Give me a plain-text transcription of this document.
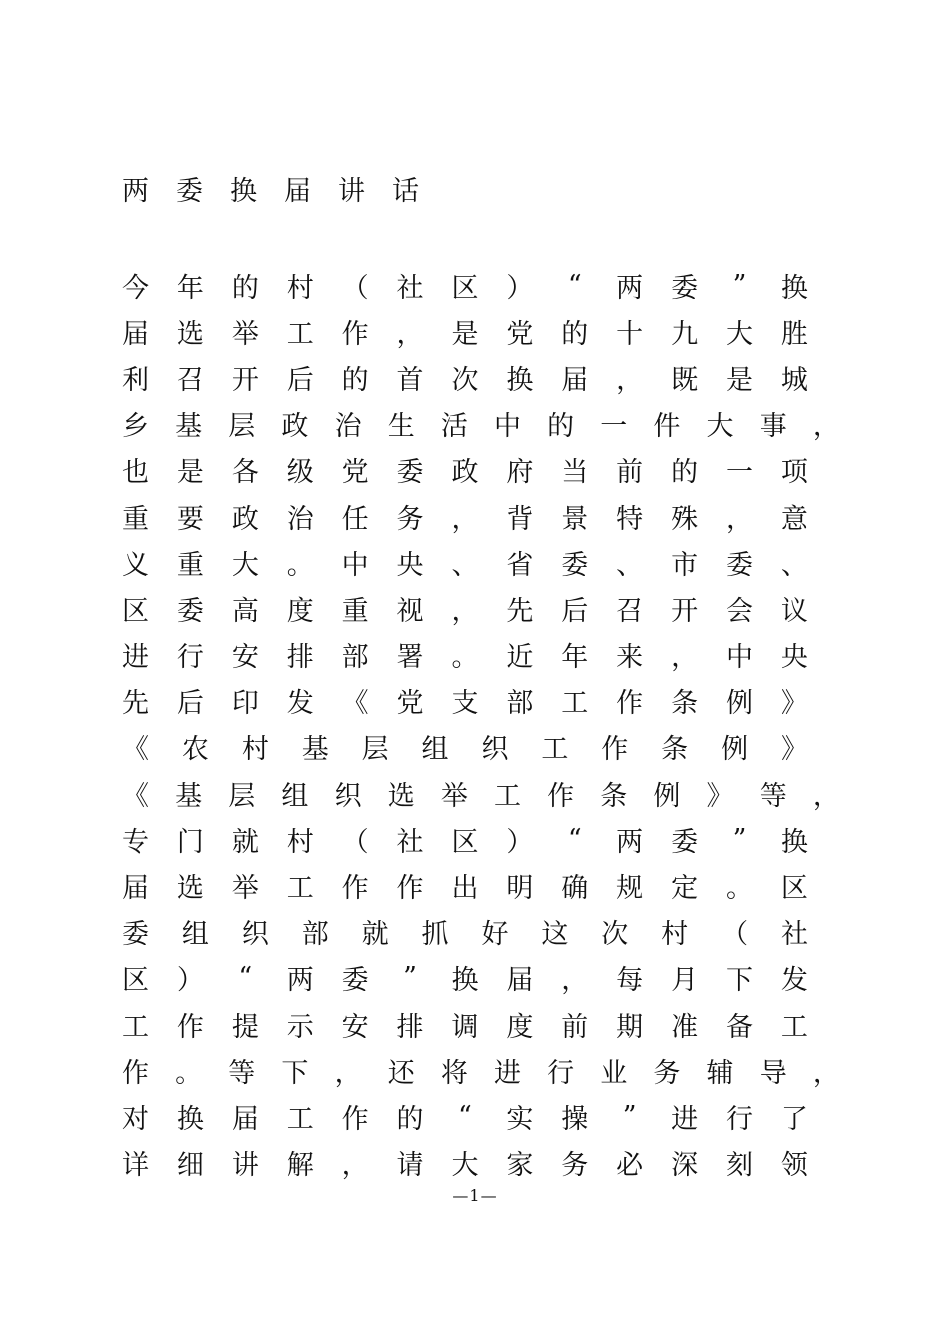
两委换届讲话
今 年 的 村 （ 社 区 ） “ 两 委 ” 换
届 选 举 工 作 ， 是 党 的 十 九 大 胜
利 召 开 后 的 首 次 换 届 ， 既 是 城
乡 基 层 政 治 生 活 中 的 一 件 大 事 ，
也 是 各 级 党 委 政 府 当 前 的 一 项
重 要 政 治 任 务 ， 背 景 特 殊 ， 意
义 重 大 。 中 央 、 省 委 、 市 委 、
区 委 高 度 重 视 ， 先 后 召 开 会 议
进 行 安 排 部 署 。 近 年 来 ， 中 央
先 后 印 发 《 党 支 部 工 作 条 例 》
《 农 村 基 层 组 织 工 作 条 例 》
《 基 层 组 织 选 举 工 作 条 例 》 等 ，
专 门 就 村 （ 社 区 ） “ 两 委 ” 换
届 选 举 工 作 作 出 明 确 规 定 。 区
委 组 织 部 就 抓 好 这 次 村 （ 社
区 ） “ 两 委 ” 换 届 ， 每 月 下 发
工 作 提 示 安 排 调 度 前 期 准 备 工
作 。 等 下 ， 还 将 进 行 业 务 辅 导 ，
对 换 届 工 作 的 “ 实 操 ” 进 行 了
详 细 讲 解 ， 请 大 家 务 必 深 刻 领
—1—
